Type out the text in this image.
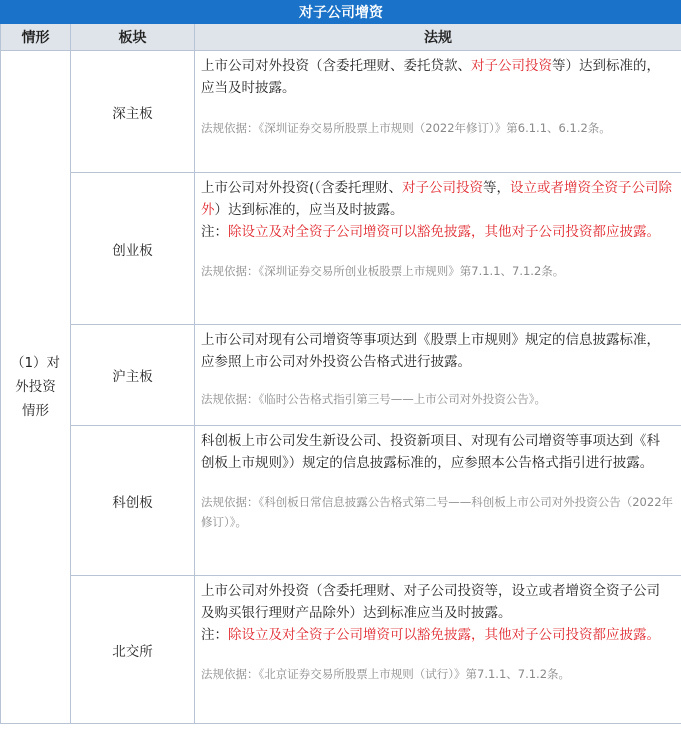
对子公司增资		
情形	板块	法规
（1）对外投资情形	深主板	上市公司对外投资（含委托理财、委托贷款、对子公司投资等）达到标准的，应当及时披露。

法规依据：《深圳证券交易所股票上市规则（2022年修订）》第6.1.1、6.1.2条。

	创业板	上市公司对外投资(（含委托理财、对子公司投资等，设立或者增资全资子公司除外）达到标准的，应当及时披露。

注：除设立及对全资子公司增资可以豁免披露，其他对子公司投资都应披露。

法规依据：《深圳证券交易所创业板股票上市规则》第7.1.1、7.1.2条。

	沪主板	上市公司对现有公司增资等事项达到《股票上市规则》规定的信息披露标准，应参照上市公司对外投资公告格式进行披露。

法规依据：《临时公告格式指引第三号——上市公司对外投资公告》。

	科创板	科创板上市公司发生新设公司、投资新项目、对现有公司增资等事项达到《科创板上市规则》）规定的信息披露标准的，应参照本公告格式指引进行披露。

法规依据：《科创板日常信息披露公告格式第二号——科创板上市公司对外投资公告（2022年修订）》。

	北交所	上市公司对外投资（含委托理财、对子公司投资等，设立或者增资全资子公司及购买银行理财产品除外）达到标准应当及时披露。

注：除设立及对全资子公司增资可以豁免披露，其他对子公司投资都应披露。

法规依据：《北京证券交易所股票上市规则（试行）》第7.1.1、7.1.2条。
